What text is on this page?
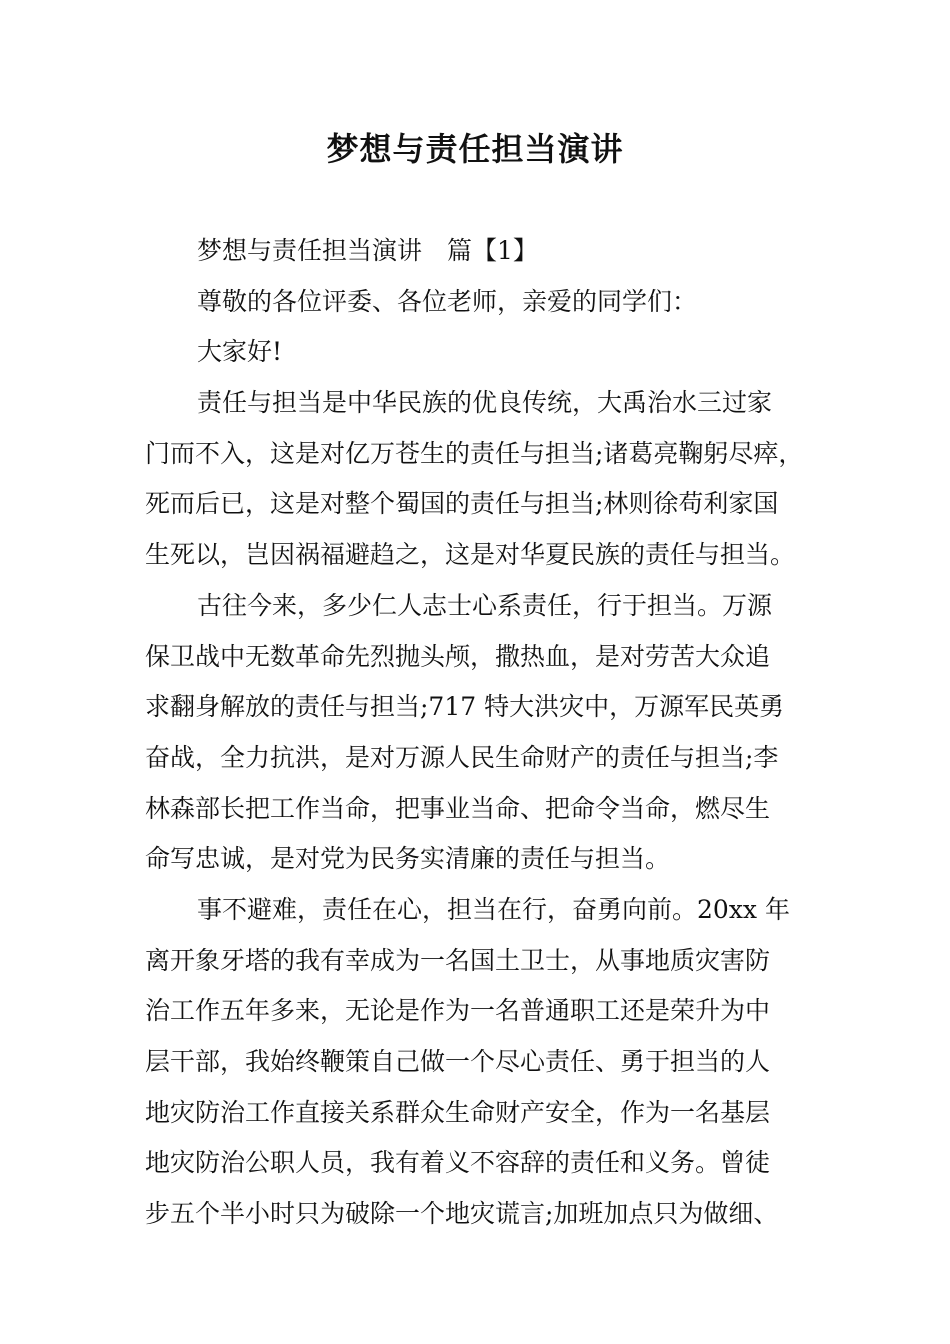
梦想与责任担当演讲
梦想与责任担当演讲　篇【1】
尊敬的各位评委、各位老师，亲爱的同学们：
大家好!
责任与担当是中华民族的优良传统，大禹治水三过家
门而不入，这是对亿万苍生的责任与担当;诸葛亮鞠躬尽瘁，
死而后已，这是对整个蜀国的责任与担当;林则徐苟利家国
生死以，岂因祸福避趋之，这是对华夏民族的责任与担当。
古往今来，多少仁人志士心系责任，行于担当。万源
保卫战中无数革命先烈抛头颅，撒热血，是对劳苦大众追
求翻身解放的责任与担当;717 特大洪灾中，万源军民英勇
奋战，全力抗洪，是对万源人民生命财产的责任与担当;李
林森部长把工作当命，把事业当命、把命令当命，燃尽生
命写忠诚，是对党为民务实清廉的责任与担当。
事不避难，责任在心，担当在行，奋勇向前。20xx 年
离开象牙塔的我有幸成为一名国土卫士，从事地质灾害防
治工作五年多来，无论是作为一名普通职工还是荣升为中
层干部，我始终鞭策自己做一个尽心责任、勇于担当的人
地灾防治工作直接关系群众生命财产安全，作为一名基层
地灾防治公职人员，我有着义不容辞的责任和义务。曾徒
步五个半小时只为破除一个地灾谎言;加班加点只为做细、
